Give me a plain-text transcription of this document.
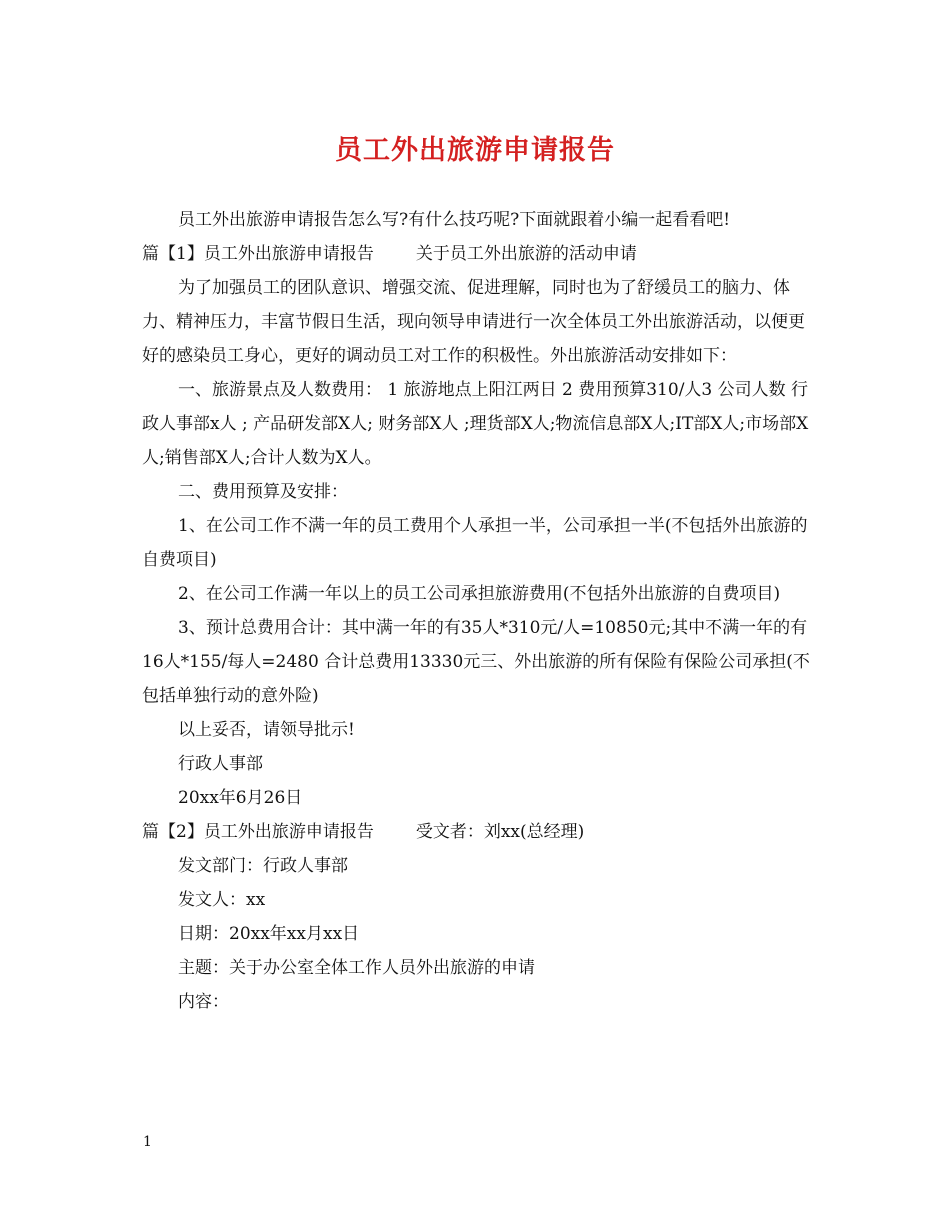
员工外出旅游申请报告

员工外出旅游申请报告怎么写?有什么技巧呢?下面就跟着小编一起看看吧!

篇【1】员工外出旅游申请报告 关于员工外出旅游的活动申请

为了加强员工的团队意识、增强交流、促进理解，同时也为了舒缓员工的脑力、体力、精神压力，丰富节假日生活，现向领导申请进行一次全体员工外出旅游活动，以便更好的感染员工身心，更好的调动员工对工作的积极性。外出旅游活动安排如下：

一、旅游景点及人数费用： 1 旅游地点上阳江两日 2 费用预算310/人3 公司人数 行政人事部x人 ; 产品研发部X人; 财务部X人 ;理货部X人;物流信息部X人;IT部X人;市场部X人;销售部X人;合计人数为X人。

二、费用预算及安排：

1、在公司工作不满一年的员工费用个人承担一半，公司承担一半(不包括外出旅游的自费项目)

2、在公司工作满一年以上的员工公司承担旅游费用(不包括外出旅游的自费项目)

3、预计总费用合计：其中满一年的有35人*310元/人=10850元;其中不满一年的有16人*155/每人=2480 合计总费用13330元三、外出旅游的所有保险有保险公司承担(不包括单独行动的意外险)

以上妥否，请领导批示!

行政人事部

20xx年6月26日

篇【2】员工外出旅游申请报告 受文者：刘xx(总经理)

发文部门：行政人事部

发文人：xx

日期：20xx年xx月xx日

主题：关于办公室全体工作人员外出旅游的申请

内容：

1
